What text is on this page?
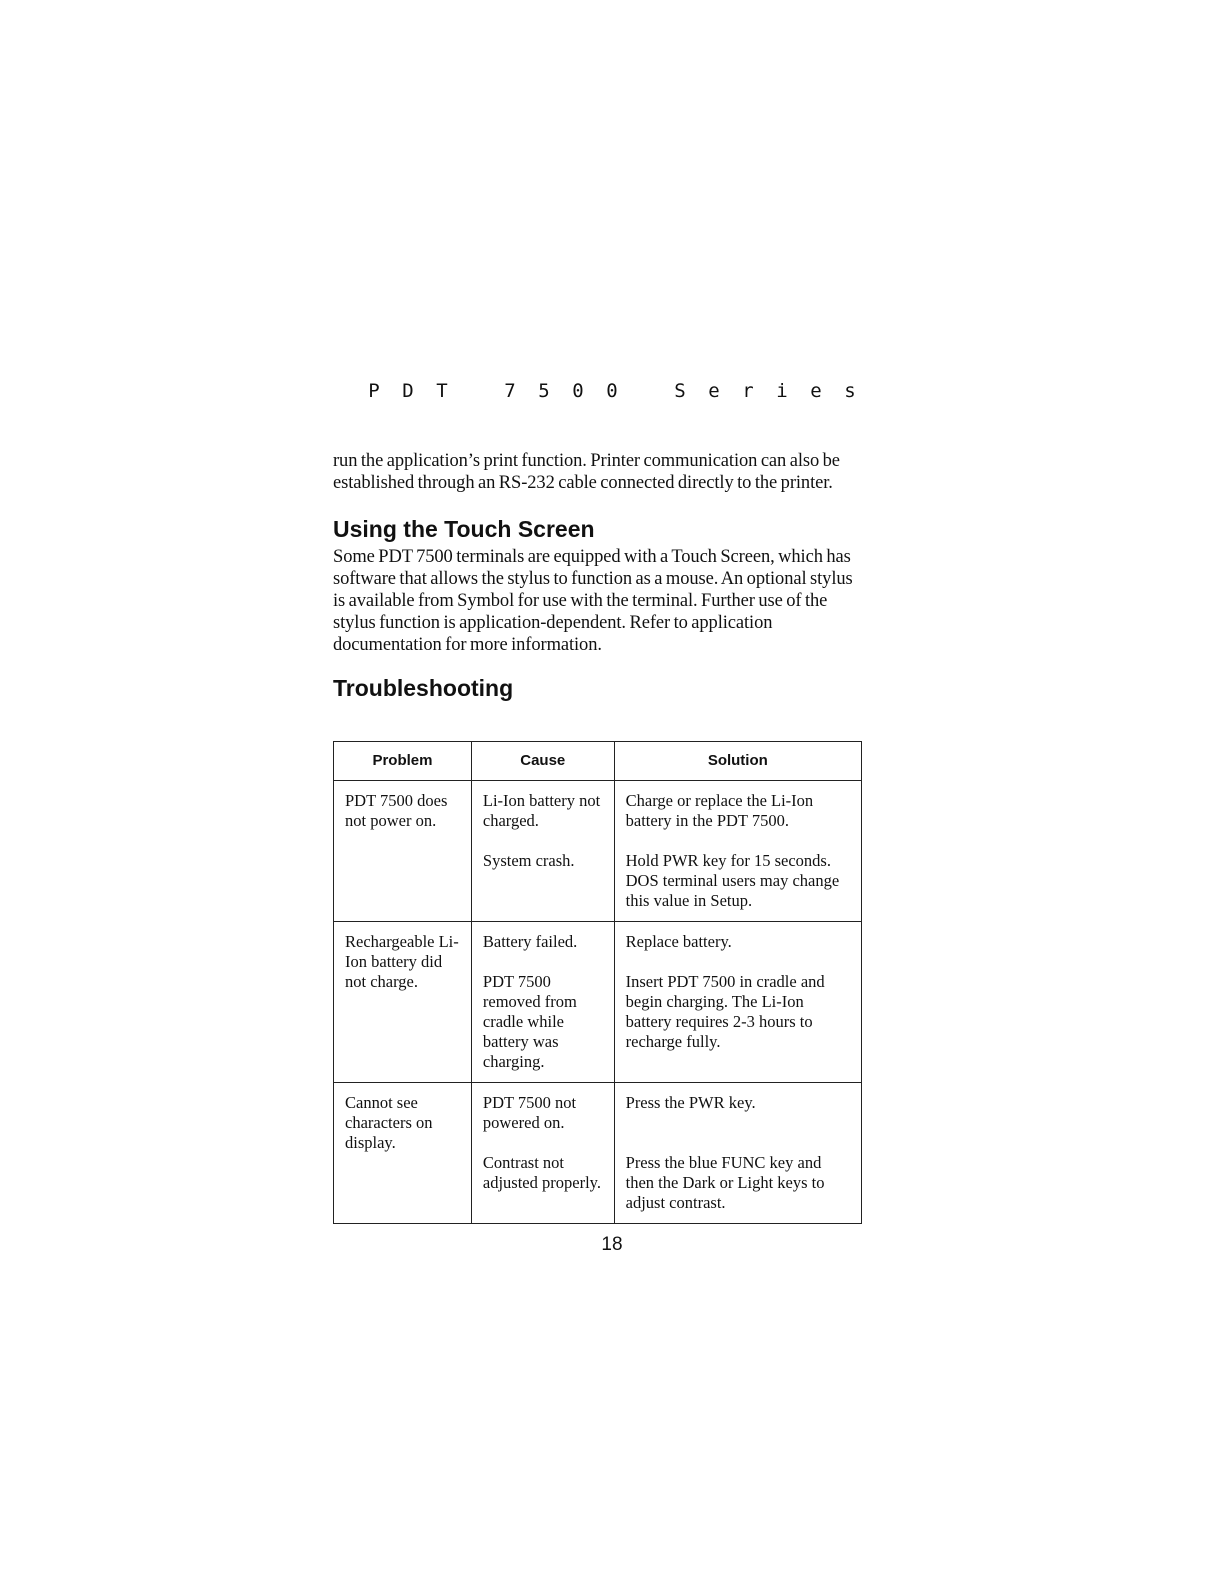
P D T	7 5 0 0	S e r i e s

run the application’s print function. Printer communication can also be established through an RS-232 cable connected directly to the printer.

Using the Touch Screen

Some PDT 7500 terminals are equipped with a Touch Screen, which has software that allows the stylus to function as a mouse. An optional stylus is available from Symbol for use with the terminal. Further use of the stylus function is application-dependent. Refer to application documentation for more information.

Troubleshooting
Problem	Cause	Solution
PDT 7500 does not power on.	Li-Ion battery not charged.	Charge or replace the Li-Ion battery in the PDT 7500.
	System crash.	Hold PWR key for 15 seconds. DOS terminal users may change this value in Setup.
Rechargeable Li-Ion battery did not charge.	Battery failed.	Replace battery.
	PDT 7500 removed from cradle while battery was charging.	Insert PDT 7500 in cradle and begin charging. The Li-Ion battery requires 2-3 hours to recharge fully.
Cannot see characters on display.	PDT 7500 not powered on.	Press the PWR key.
	Contrast not adjusted properly.	Press the blue FUNC key and then the Dark or Light keys to adjust contrast.
18
